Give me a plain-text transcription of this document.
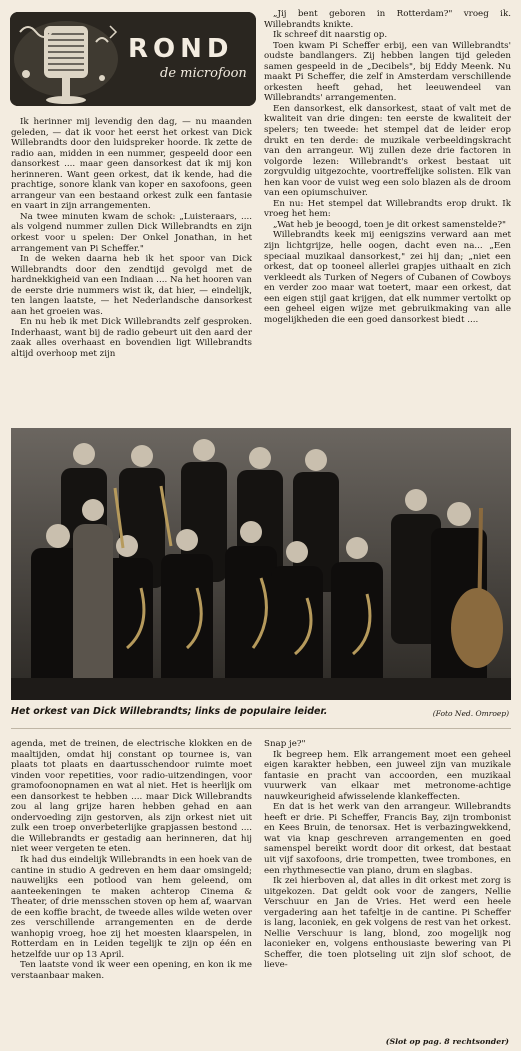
ROND
de microfoon

Ik herinner mij levendig den dag, — nu maanden geleden, — dat ik voor het eerst het orkest van Dick Willebrandts door den luidspreker hoorde. Ik zette de radio aan, midden in een nummer, gespeeld door een dansorkest .... maar geen dansorkest dat ik mij kon herinneren. Want geen orkest, dat ik kende, had die prachtige, sonore klank van koper en saxofoons, geen arrangeur van een bestaand orkest zulk een fantasie en vaart in zijn arrangementen.

Na twee minuten kwam de schok: „Luisteraars, .... als volgend nummer zullen Dick Willebrandts en zijn orkest voor u spelen: Der Onkel Jonathan, in het arrangement van Pi Scheffer."

In de weken daarna heb ik het spoor van Dick Willebrandts door den zendtijd gevolgd met de hardnekkigheid van een Indiaan .... Na het hooren van de eerste drie nummers wist ik, dat hier, — eindelijk, ten langen laatste, — het Nederlandsche dansorkest aan het groeien was.

En nu heb ik met Dick Willebrandts zelf gesproken. Inderhaast, want bij de radio gebeurt uit den aard der zaak alles overhaast en bovendien ligt Willebrandts altijd overhoop met zijn

„Jij bent geboren in Rotterdam?" vroeg ik. Willebrandts knikte.

Ik schreef dit naarstig op.

Toen kwam Pi Scheffer erbij, een van Willebrandts' oudste bandlangers. Zij hebben langen tijd geleden samen gespeeld in de „Decibels", bij Eddy Meenk. Nu maakt Pi Scheffer, die zelf in Amsterdam verschillende orkesten heeft gehad, het leeuwendeel van Willebrandts' arrangementen.

Een dansorkest, elk dansorkest, staat of valt met de kwaliteit van drie dingen: ten eerste de kwaliteit der spelers; ten tweede: het stempel dat de leider erop drukt en ten derde: de muzikale verbeeldingskracht van den arrangeur. Wij zullen deze drie factoren in volgorde lezen: Willebrandt's orkest bestaat uit zorgvuldig uitgezochte, voortreffelijke solisten. Elk van hen kan voor de vuist weg een solo blazen als de droom van een opiumschuiver.

En nu: Het stempel dat Willebrandts erop drukt. Ik vroeg het hem:

„Wat heb je beoogd, toen je dit orkest samenstelde?"

Willebrandts keek mij eenigszins verward aan met zijn lichtgrijze, helle oogen, dacht even na... „Een speciaal muzikaal dansorkest," zei hij dan; „niet een orkest, dat op tooneel allerlei grapjes uithaalt en zich verkleedt als Turken of Negers of Cubanen of Cowboys en verder zoo maar wat toetert, maar een orkest, dat een eigen stijl gaat krijgen, dat elk nummer vertolkt op een geheel eigen wijze met gebruikmaking van alle mogelijkheden die een goed dansorkest biedt ....

Het orkest van Dick Willebrandts; links de populaire leider.	(Foto Ned. Omroep)

agenda, met de treinen, de electrische klokken en de maaltijden, omdat hij constant op tournee is, van plaats tot plaats en daartusschendoor ruimte moet vinden voor repetities, voor radio-uitzendingen, voor gramofoonopnamen en wat al niet. Het is heerlijk om een dansorkest te hebben .... maar Dick Willebrandts zou al lang grijze haren hebben gehad en aan ondervoeding zijn gestorven, als zijn orkest niet uit zulk een troep onverbeterlijke grapjassen bestond .... die Willebrandts er gestadig aan herinneren, dat hij niet weer vergeten te eten.

Ik had dus eindelijk Willebrandts in een hoek van de cantine in studio A gedreven en hem daar omsingeld; nauwelijks een potlood van hem geleend, om aanteekeningen te maken achterop Cinema & Theater, of drie mensschen stoven op hem af, waarvan de een koffie bracht, de tweede alles wilde weten over zes verschillende arrangementen en de derde wanhopig vroeg, hoe zij het moesten klaarspelen, in Rotterdam en in Leiden tegelijk te zijn op één en hetzelfde uur op 13 April.

Ten laatste vond ik weer een opening, en kon ik me verstaanbaar maken.

Snap je?"

Ik begreep hem. Elk arrangement moet een geheel eigen karakter hebben, een juweel zijn van muzikale fantasie en pracht van accoorden, een muzikaal vuurwerk van elkaar met metronome-achtige nauwkeurigheid afwisselende klankeffecten.

En dat is het werk van den arrangeur. Willebrandts heeft er drie. Pi Scheffer, Francis Bay, zijn trombonist en Kees Bruin, de tenorsax. Het is verbazingwekkend, wat via knap geschreven arrangementen en goed samenspel bereikt wordt door dit orkest, dat bestaat uit vijf saxofoons, drie trompetten, twee trombones, en een rhythmesectie van piano, drum en slagbas.

Ik zei hierboven al, dat alles in dit orkest met zorg is uitgekozen. Dat geldt ook voor de zangers, Nellie Verschuur en Jan de Vries. Het werd een heele vergadering aan het tafeltje in de cantine. Pi Scheffer is lang, laconiek, en gek volgens de rest van het orkest. Nellie Verschuur is lang, blond, zoo mogelijk nog laconieker en, volgens enthousiaste bewering van Pi Scheffer, die toen plotseling uit zijn slof schoot, de lieve-

(Slot op pag. 8 rechtsonder)
